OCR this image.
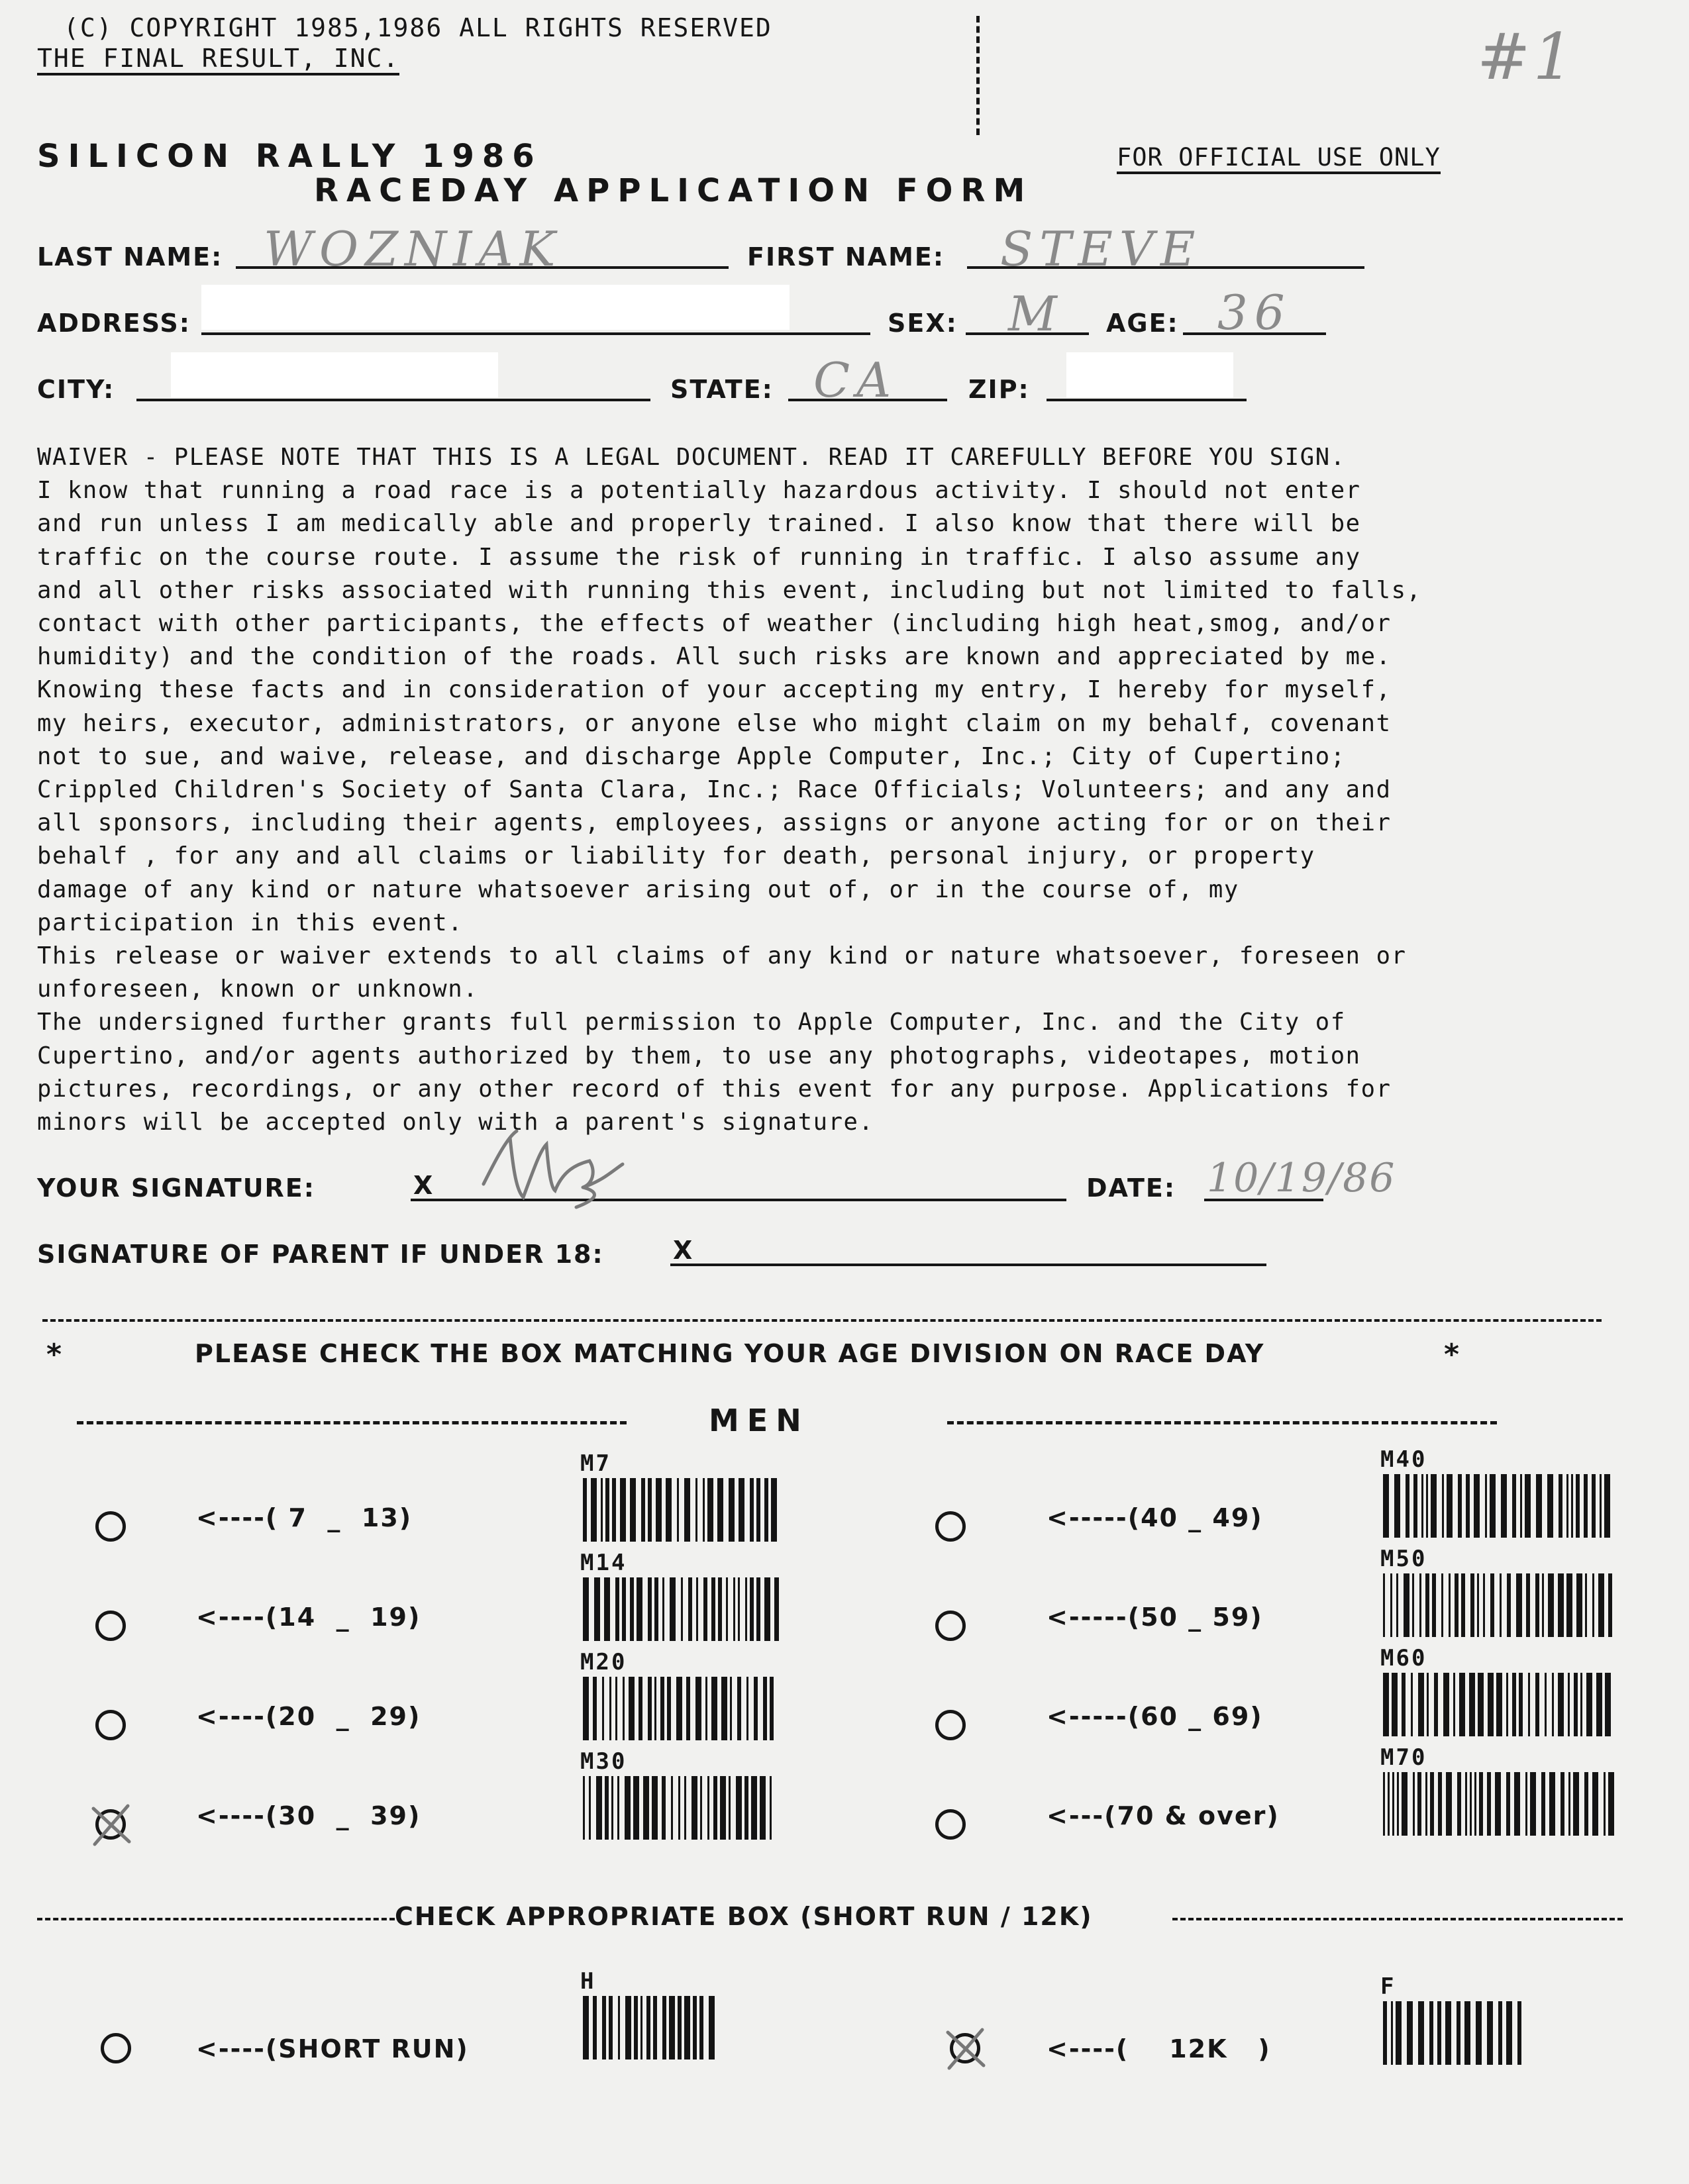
(C) COPYRIGHT 1985,1986 ALL RIGHTS RESERVED
THE FINAL RESULT, INC.	#1
SILICON RALLY 1986
RACEDAY APPLICATION FORM
FOR OFFICIAL USE ONLY
LAST NAME: WOZNIAK	FIRST NAME: STEVE
ADDRESS:	SEX: M AGE: 36
CITY:	STATE: CA	ZIP:
WAIVER - PLEASE NOTE THAT THIS IS A LEGAL DOCUMENT. READ IT CAREFULLY BEFORE YOU SIGN.
I know that running a road race is a potentially hazardous activity. I should not enter
and run unless I am medically able and properly trained. I also know that there will be
traffic on the course route. I assume the risk of running in traffic. I also assume any
and all other risks associated with running this event, including but not limited to falls,
contact with other participants, the effects of weather (including high heat,smog, and/or
humidity) and the condition of the roads. All such risks are known and appreciated by me.
Knowing these facts and in consideration of your accepting my entry, I hereby for myself,
my heirs, executor, administrators, or anyone else who might claim on my behalf, covenant
not to sue, and waive, release, and discharge Apple Computer, Inc.; City of Cupertino;
Crippled Children's Society of Santa Clara, Inc.; Race Officials; Volunteers; and any and
all sponsors, including their agents, employees, assigns or anyone acting for or on their
behalf , for any and all claims or liability for death, personal injury, or property
damage of any kind or nature whatsoever arising out of, or in the course of, my
participation in this event.
This release or waiver extends to all claims of any kind or nature whatsoever, foreseen or
unforeseen, known or unknown.
The undersigned further grants full permission to Apple Computer, Inc. and the City of
Cupertino, and/or agents authorized by them, to use any photographs, videotapes, motion
pictures, recordings, or any other record of this event for any purpose. Applications for
minors will be accepted only with a parent's signature.
YOUR SIGNATURE:	X	DATE: 10/19/86
SIGNATURE OF PARENT IF UNDER 18:	X
*	PLEASE CHECK THE BOX MATCHING YOUR AGE DIVISION ON RACE DAY	*
MEN
<----( 7  _  13)
M7
<----(14  _  19)
M14
<----(20  _  29)
M20
<----(30  _  39)
M30
<-----(40 _ 49)
M40
<-----(50 _ 59)
M50
<-----(60 _ 69)
M60
<---(70 & over)
M70
CHECK APPROPRIATE BOX (SHORT RUN / 12K)
<----(SHORT RUN)
H
<----(    12K   )
F
